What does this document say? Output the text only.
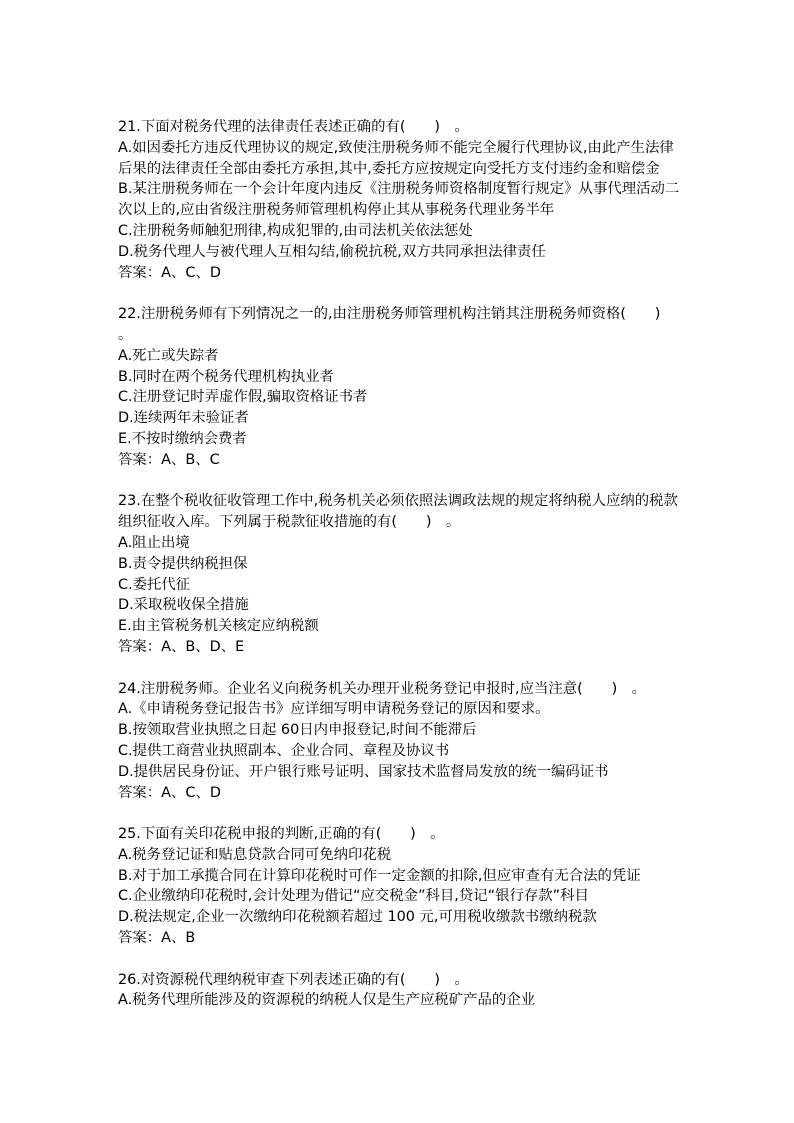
21.下面对税务代理的法律责任表述正确的有(　　)　。
A.如因委托方违反代理协议的规定,致使注册税务师不能完全履行代理协议,由此产生法律
后果的法律责任全部由委托方承担,其中,委托方应按规定向受托方支付违约金和赔偿金
B.某注册税务师在一个会计年度内违反《注册税务师资格制度暂行规定》从事代理活动二
次以上的,应由省级注册税务师管理机构停止其从事税务代理业务半年
C.注册税务师触犯刑律,构成犯罪的,由司法机关依法惩处
D.税务代理人与被代理人互相勾结,偷税抗税,双方共同承担法律责任
答案：A、C、D
22.注册税务师有下列情况之一的,由注册税务师管理机构注销其注册税务师资格(　　)
。
A.死亡或失踪者
B.同时在两个税务代理机构执业者
C.注册登记时弄虚作假,骗取资格证书者
D.连续两年未验证者
E.不按时缴纳会费者
答案：A、B、C
23.在整个税收征收管理工作中,税务机关必须依照法调政法规的规定将纳税人应纳的税款
组织征收入库。下列属于税款征收措施的有(　　)　。
A.阻止出境
B.责令提供纳税担保
C.委托代征
D.采取税收保全措施
E.由主管税务机关核定应纳税额
答案：A、B、D、E
24.注册税务师。企业名义向税务机关办理开业税务登记申报时,应当注意(　　)　。
A.《申请税务登记报告书》应详细写明申请税务登记的原因和要求。
B.按领取营业执照之日起 60日内申报登记,时间不能滞后
C.提供工商营业执照副本、企业合同、章程及协议书
D.提供居民身份证、开户银行账号证明、国家技术监督局发放的统一编码证书
答案：A、C、D
25.下面有关印花税申报的判断,正确的有(　　)　。
A.税务登记证和贴息贷款合同可免纳印花税
B.对于加工承揽合同在计算印花税时可作一定金额的扣除,但应审查有无合法的凭证
C.企业缴纳印花税时,会计处理为借记“应交税金”科目,贷记“银行存款”科目
D.税法规定,企业一次缴纳印花税额若超过 100 元,可用税收缴款书缴纳税款
答案：A、B
26.对资源税代理纳税审查下列表述正确的有(　　)　。
A.税务代理所能涉及的资源税的纳税人仅是生产应税矿产品的企业
